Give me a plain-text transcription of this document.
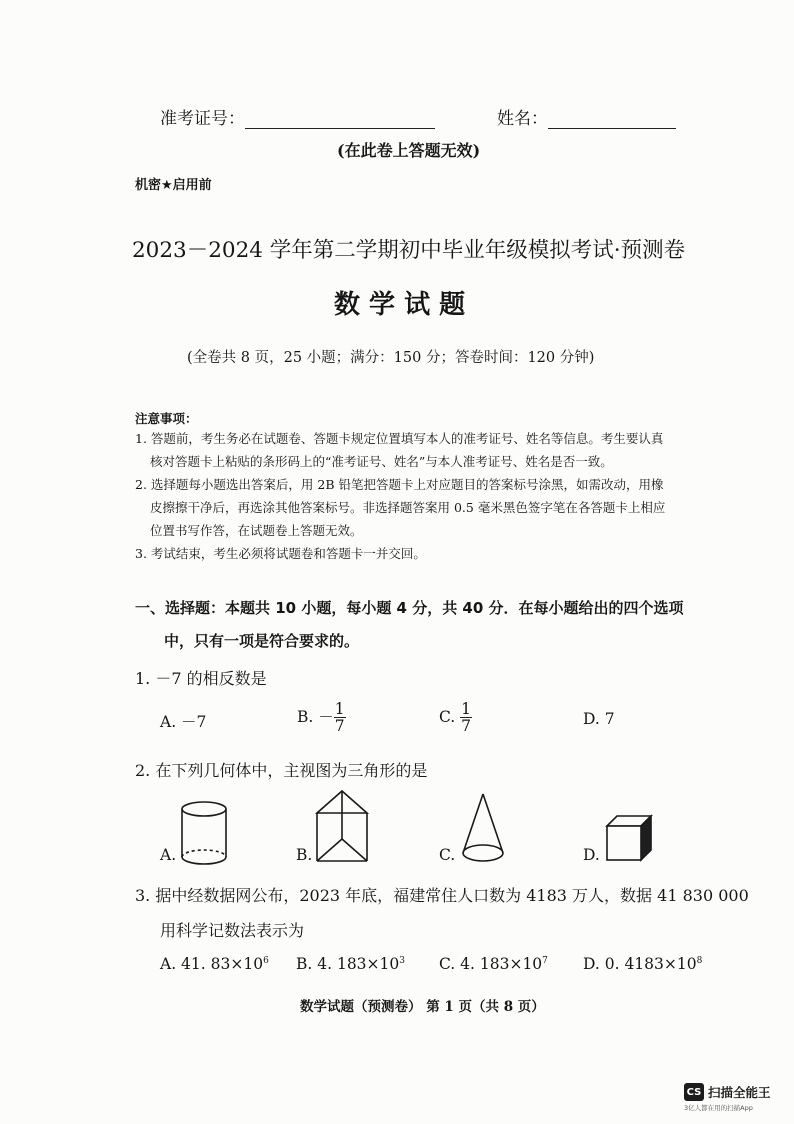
准考证号：	姓名：
(在此卷上答题无效)
机密★启用前
2023－2024 学年第二学期初中毕业年级模拟考试·预测卷
数 学 试 题
(全卷共 8 页，25 小题；满分：150 分；答卷时间：120 分钟)
注意事项：
1. 答题前，考生务必在试题卷、答题卡规定位置填写本人的准考证号、姓名等信息。考生要认真
核对答题卡上粘贴的条形码上的“准考证号、姓名”与本人准考证号、姓名是否一致。
2. 选择题每小题选出答案后，用 2B 铅笔把答题卡上对应题目的答案标号涂黑，如需改动，用橡
皮擦擦干净后，再选涂其他答案标号。非选择题答案用 0.5 毫米黑色签字笔在各答题卡上相应
位置书写作答，在试题卷上答题无效。
3. 考试结束，考生必须将试题卷和答题卡一并交回。
一、选择题：本题共 10 小题，每小题 4 分，共 40 分．在每小题给出的四个选项
中，只有一项是符合要求的。
1. －7 的相反数是
A. －7	B. － $\frac{1}{7}$	C. $\frac{1}{7}$	D. 7
2. 在下列几何体中，主视图为三角形的是
A.	B.	C.	D.
3. 据中经数据网公布，2023 年底，福建常住人口数为 4183 万人，数据 41 830 000
用科学记数法表示为
A. 41. $83\times 10^6$ B. 4. $183\times 10^3$ C. 4. $183\times 10^7$ D. 0. $4183\times 10^8$
数学试题（预测卷） 第 1 页（共 8 页）
CS 扫描全能王
3亿人都在用的扫描App
